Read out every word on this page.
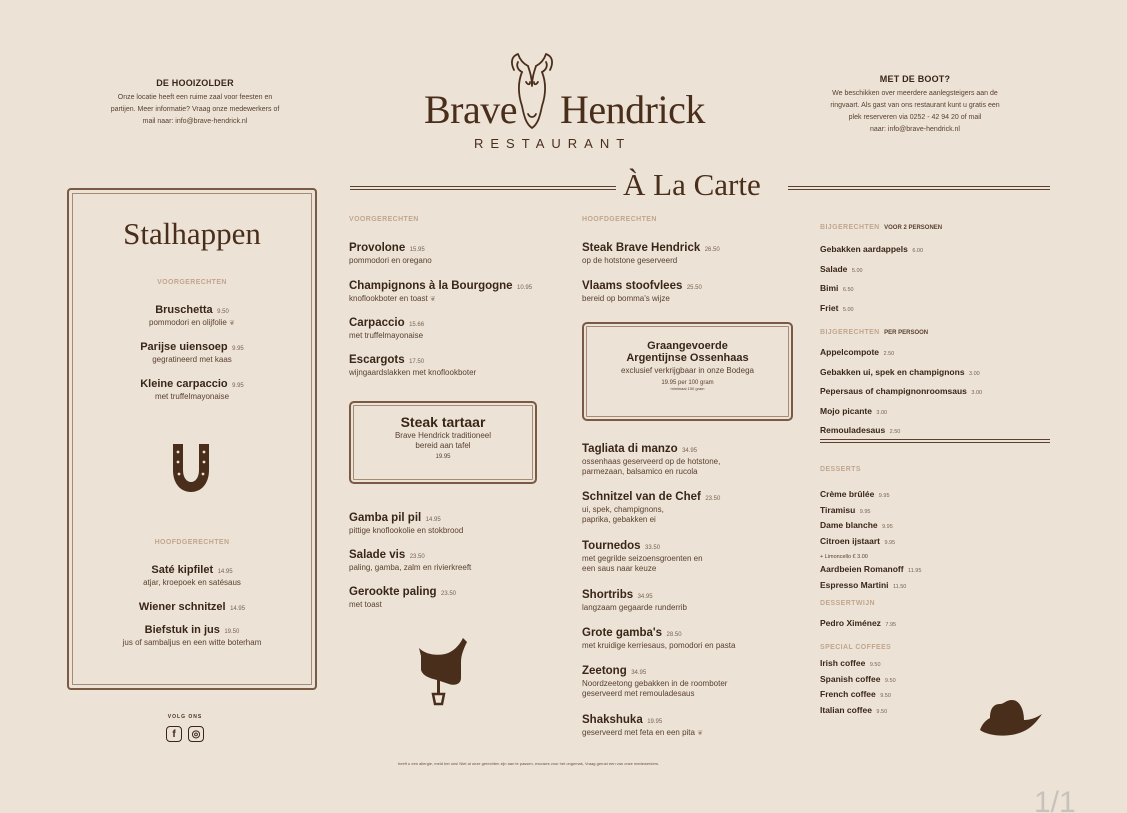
DE HOOIZOLDER
Onze locatie heeft een ruime zaal voor feesten en
partijen. Meer informatie? Vraag onze medewerkers of
mail naar: info@brave-hendrick.nl	Brave Hendrick
RESTAURANT
MET DE BOOT?
We beschikken over meerdere aanlegsteigers aan de
ringvaart. Als gast van ons restaurant kunt u gratis een
plek reserveren via 0252 - 42 94 20 of mail
naar: info@brave-hendrick.nl
À La Carte
Stalhappen
VOORGERECHTEN
Bruschetta 9.50
pommodori en olijfolie ❦
Parijse uiensoep 9.95
gegratineerd met kaas
Kleine carpaccio 9.95
met truffelmayonaise
HOOFDGERECHTEN
Saté kipfilet 14.95
atjar, kroepoek en satésaus
Wiener schnitzel 14.95
Biefstuk in jus 19.50
jus of sambaljus en een witte boterham
VOLG ONS
f	◎
VOORGERECHTEN
Provolone 15.95
pommodori en oregano
Champignons à la Bourgogne 10.95
knoflookboter en toast ❦
Carpaccio 15.66
met truffelmayonaise
Escargots 17.50
wijngaardslakken met knoflookboter
Steak tartaar
Brave Hendrick traditioneel
bereid aan tafel
19.95
Gamba pil pil 14.95
pittige knoflookolie en stokbrood
Salade vis 23.50
paling, gamba, zalm en rivierkreeft
Gerookte paling 23.50
met toast
HOOFDGERECHTEN
Steak Brave Hendrick 26.50
op de hotstone geserveerd
Vlaams stoofvlees 25.50
bereid op bomma's wijze
Graangevoerde
Argentijnse Ossenhaas
exclusief verkrijgbaar in onze Bodega
19.95 per 100 gram
minimaal 150 gram
Tagliata di manzo 34.95
ossenhaas geserveerd op de hotstone,
parmezaan, balsamico en rucola
Schnitzel van de Chef 23.50
ui, spek, champignons,
paprika, gebakken ei
Tournedos 33.50
met gegrilde seizoensgroenten en
een saus naar keuze
Shortribs 34.95
langzaam gegaarde runderrib
Grote gamba's 28.50
met kruidige kerriesaus, pomodori en pasta
Zeetong 34.95
Noordzeetong gebakken in de roomboter
geserveerd met remouladesaus
Shakshuka 19.95
geserveerd met feta en een pita ❦
BIJGERECHTEN VOOR 2 PERSONEN
Gebakken aardappels 6.00
Salade 5.00
Bimi 6.50
Friet 5.00
BIJGERECHTEN PER PERSOON
Appelcompote 2.50
Gebakken ui, spek en champignons 3.00
Pepersaus of champignonroomsaus 3.00
Mojo picante 3.00
Remouladesaus 2.50
DESSERTS
Crème brûlée 9.95
Tiramisu 9.95
Dame blanche 9.95
Citroen ijstaart 9.95
+ Limoncello € 3.00
Aardbeien Romanoff 11.95
Espresso Martini 11.50
DESSERTWIJN
Pedro Ximénez 7.95
SPECIAL COFFEES
Irish coffee 9.50
Spanish coffee 9.50
French coffee 9.50
Italian coffee 9.50
heeft u een allergie, meld het ons! Niet al onze gerechten zijn aan te passen, excuses voor het ongemak, Vraag gerust een van onze medewerkers.
1/1
